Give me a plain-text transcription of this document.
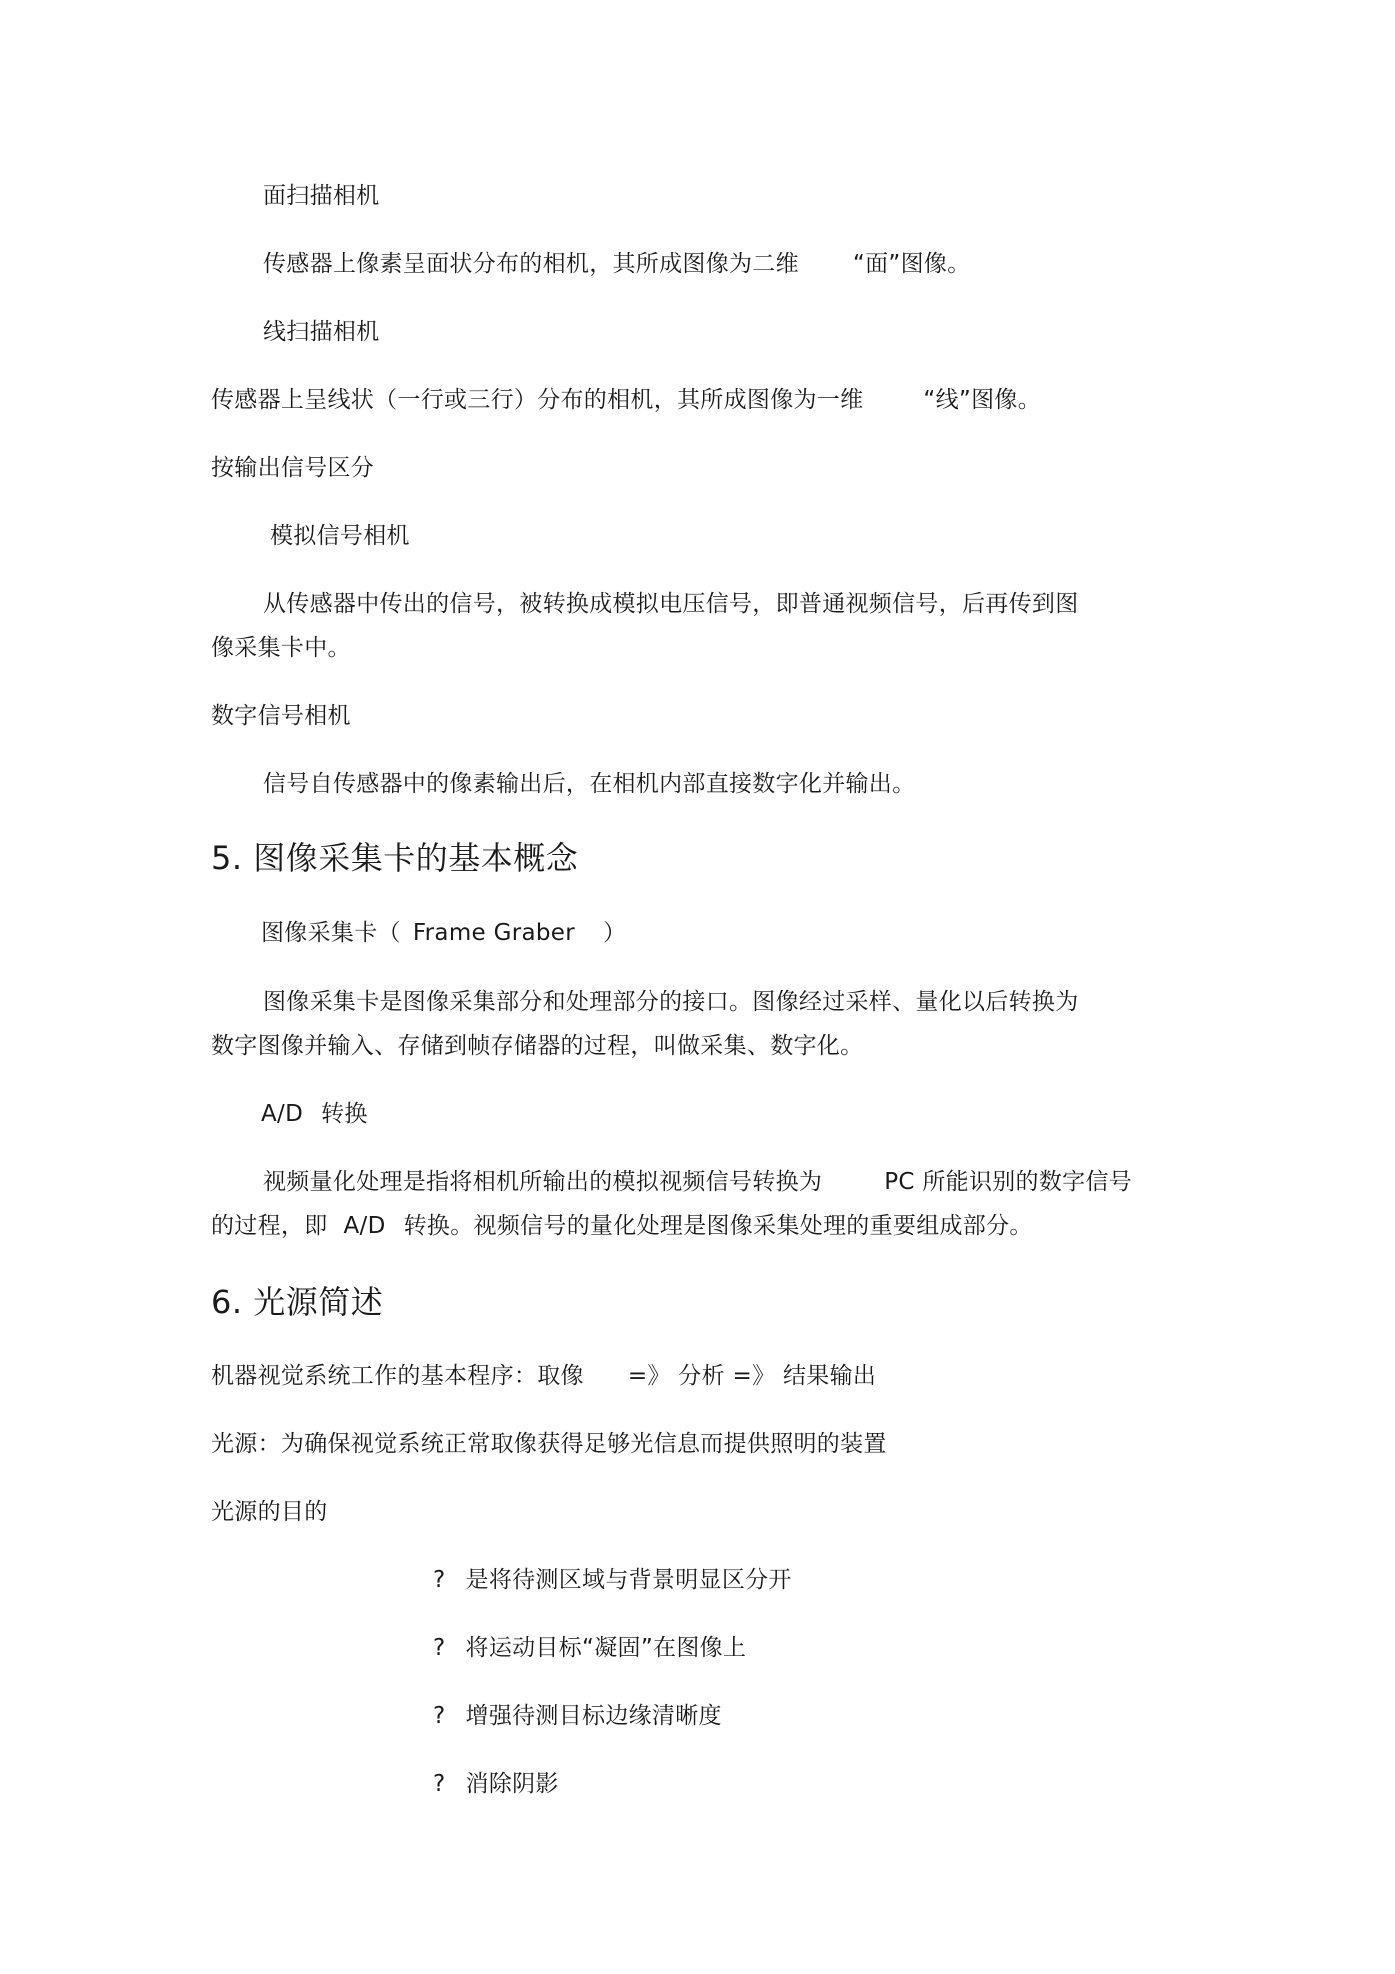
面扫描相机
传感器上像素呈面状分布的相机，其所成图像为二维 “面”图像。
线扫描相机
传感器上呈线状（一行或三行）分布的相机，其所成图像为一维	“线”图像。
按输出信号区分
模拟信号相机
从传感器中传出的信号，被转换成模拟电压信号，即普通视频信号，后再传到图
像采集卡中。
数字信号相机
信号自传感器中的像素输出后，在相机内部直接数字化并输出。
5. 图像采集卡的基本概念
图像采集卡（ Frame Graber ）
图像采集卡是图像采集部分和处理部分的接口。图像经过采样、量化以后转换为
数字图像并输入、存储到帧存储器的过程，叫做采集、数字化。
A/D 转换
视频量化处理是指将相机所输出的模拟视频信号转换为	PC 所能识别的数字信号
的过程，即 A/D 转换。视频信号的量化处理是图像采集处理的重要组成部分。
6. 光源简述
机器视觉系统工作的基本程序：取像 =》 分析 =》 结果输出
光源：为确保视觉系统正常取像获得足够光信息而提供照明的装置
光源的目的
? 是将待测区域与背景明显区分开
? 将运动目标“凝固”在图像上
? 增强待测目标边缘清晰度
? 消除阴影
